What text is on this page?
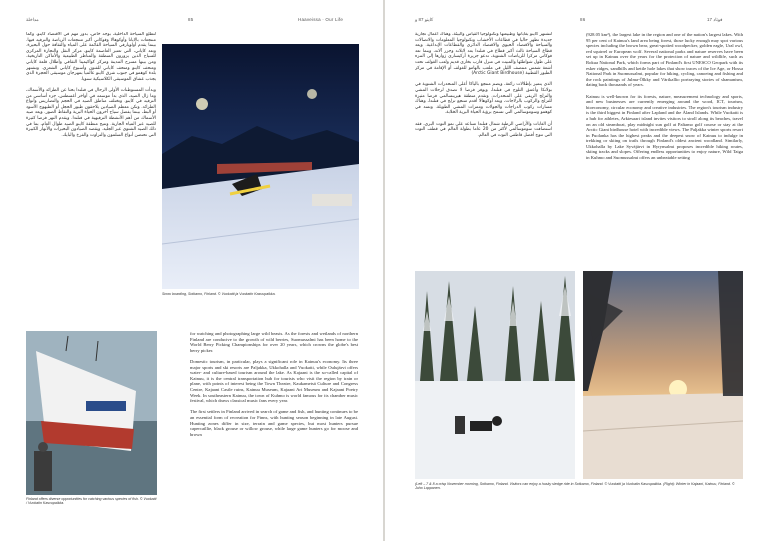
ﻣﺪﺍﺧﻠﺔ	85	Haaveissa · Our Life

ﻟﺘﻄﻠﻊ ﺍﻟﺴﻴﺎﺣﺔ ﺍﻟﺪﺍﺧﻠﻴﺔ، ﺑﻮﺟﻪ ﺧﺎﺹ، ﺑﺪﻭﺭ ﻣﻬﻢ ﻓﻲ ﺍﻻﻗﺘﺼﺎﺩ ﻛﺎﻳﻨﻮ. ﻭﻛﻤﺎ ﻣﻨﺘﺠﻌﺎﺕ ﺑﺎﻻﻳﺎﺗﺎ ﻭﺃﻭﻛﻮﻫﺎﻻ ﻭﻓﻮﻛﺎﺗﻲ ﺃﻛﺒﺮ ﻣﻨﺘﺠﻌﺎﺕ ﺍﻟﺮﻳﺎﺿﺔ ﻭﺍﻟﺘﺮﻓﻴﻪ ﻓﻴﻬﺎ. ﺑﻴﻨﻤﺎ ﻳﻘﺪﻡ ﺃﻭﻟﻮﻳﺎﺭﻓﻲ ﺍﻟﺴﻴﺎﺣﺔ ﺍﻟﻘﺎﺋﻤﺔ ﻋﻠﻰ ﺍﻟﻤﻴﺎﻩ ﻭﺍﻟﺜﻘﺎﻓﺔ ﺣﻮﻝ ﺍﻟﺒﺤﻴﺮﺓ. ﻭﺗﻌﺪ ﻛﺎﻳﺎﻧﻲ، ﺍﻟﺘﻲ ﺗﻌﺘﺒﺮ ﺍﻟﻌﺎﺻﻤﺔ ﻛﺎﻳﻨﻮ، ﻣﺮﻛﺰ ﺍﻟﻨﻘﻞ ﻭﺍﻟﺘﺠﺎﺭﺓ ﺍﻟﻤﺮﻛﺰﻱ ﻟﻠﺴﻴﺎﺡ ﺍﻟﺬﻳﻦ ﻳﺰﻭﺭﻭﻥ ﺍﻟﻤﻨﻄﻘﺔ ﻭﺍﻟﻤﻨﺎﻇﺮ ﺍﻟﻄﺒﻴﻌﻴﺔ ﻭﺍﻷﻣﺎﻛﻦ ﺍﻟﺘﺎﺭﻳﺨﻴﺔ. ﻭﻣﻦ ﺑﻴﻨﻬﺎ ﻣﺴﺮﺡ ﺍﻟﻤﺪﻳﻨﺔ ﻭﻣﺮﻛﺰ ﻛﻮﺍﻛﻴﻤﻴﺘﺎ ﺍﻟﺜﻘﺎﻓﻲ ﻭﺃﻃﻼﻝ ﻗﻠﻌﺔ ﻛﺎﻳﺎﻧﻲ ﻭﻣﺘﺤﻒ ﻛﺎﻳﻨﻮ ﻭﻣﺘﺤﻒ ﻛﺎﻳﺎﻧﻲ ﻟﻠﻔﻨﻮﻥ ﻭﺃﺳﺒﻮﻉ ﻛﺎﻳﺎﻧﻲ ﺍﻟﺸﻌﺮﻱ. ﻭﺗﺸﺘﻬﺮ ﺑﻠﺪﺓ ﻛﻮﻫﻤﻮ ﻓﻲ ﺟﻨﻮﺏ ﺷﺮﻕ ﻛﺎﻳﻨﻮ ﻋﺎﻟﻤﻴﺎ ﺑﻤﻬﺮﺟﺎﻥ ﻣﻮﺳﻴﻘﻰ ﺍﻟﺤﺠﺮﺓ ﺍﻟﺬﻱ ﻳﺠﺬﺏ ﻋﺸﺎﻕ ﺍﻟﻤﻮﺳﻴﻘﻰ ﺍﻟﻜﻼﺳﻴﻜﻴﺔ ﺳﻨﻮﻳﺎ.

ﻭﺑﺪﺃﺕ ﺍﻟﻤﺴﺘﻮﻃﻨﺎﺕ ﺍﻷﻭﻟﻰ ﺍﻟﺮﺣﺎﻝ ﻓﻲ ﻓﻨﻠﻨﺪﺍ ﺑﺤﺜﺎ ﻋﻦ ﺍﻟﻄﺮﺍﺋﺪ ﻭﺍﻷﺳﻤﺎﻙ، ﻭﻣﺎ ﺯﺍﻝ ﺍﻟﺼﻴﺪ، ﺍﻟﺬﻱ ﺑﺪﺃ ﻣﻮﺳﻤﻪ ﻓﻲ ﺃﻭﺍﺧﺮ ﺃﻏﺴﻄﺲ، ﺟﺰﺀ ﺃﺳﺎﺳﻲ ﻣﻦ ﺍﻟﺘﺮﻓﻴﻪ ﻓﻲ ﻛﺎﻳﻨﻮ. ﻭﺗﺨﺘﻠﻒ ﻣﻨﺎﻃﻖ ﺍﻟﺼﻴﺪ ﻓﻲ ﺍﻟﺤﺠﻢ ﻭﺍﻟﺘﻀﺎﺭﻳﺲ ﻭﺃﻧﻮﺍﻉ ﺍﻟﻄﺮﺍﺋﺪ. ﻭﺗﻜﻦ ﻣﻌﻈﻢ ﺍﻟﺼﻴﺎﺩﻳﻦ ﻳﻼﺣﻘﻮﻥ ﻃﻴﻮﺭ ﺍﻟﺤﺠﻞ ﺃﻭ ﺍﻟﻄﻴﻬﻮﺝ ﺍﻷﺳﻮﺩ ﺃﻭ ﺍﻟﺒﻂ، ﺑﻴﻨﻤﺎ ﻳﻔﻀﻞ ﺳﻴﺎﺡ ﺁﺧﺮﻭﻥ ﺍﻟﺤﻴﺎﺓ ﺍﻟﺒﺮﻳﺔ ﻭﺍﻟﺘﻘﺎﻁ ﺍﻟﺼﻮﺭ. ﻭﻳﻌﺪ ﺻﻴﺪ ﺍﻷﺳﻤﺎﻙ ﻣﻦ ﺃﻫﻢ ﺍﻷﻧﺸﻄﺔ ﺍﻟﺘﺮﻓﻴﻬﻴﺔ ﻓﻲ ﻓﻨﻠﻨﺪﺍ. ﻭﻳﻘﺪﻡ ﺍﻟﻨﻬﺮ ﻓﺮﺻﺎ ﻛﺜﻴﺮﺓ ﻟﻠﺼﻴﺪ ﻋﺒﺮ ﺍﻟﻤﻴﺎﻩ ﺍﻟﺠﺎﺭﻳﺔ. ﻭﺗﺘﻴﺢ ﻣﻨﻄﻘﺔ ﻛﺎﻳﻨﻮ ﺍﻟﺼﻴﺪ ﻃﻮﺍﻝ ﺍﻟﻌﺎﻡ، ﺑﻤﺎ ﻓﻲ ﺫﻟﻚ ﺍﻟﺼﻴﺪ ﺍﻟﺸﺘﻮﻱ ﻋﺒﺮ ﺍﻟﺠﻠﻴﺪ. ﻭﻳﻘﺼﺪ ﺍﻟﺼﻴﺎﺩﻭﻥ ﺍﻟﺒﺤﻴﺮﺍﺕ ﻭﺍﻷﻧﻬﺎﺭ ﺍﻟﻜﺒﻴﺮﺓ ﺍﻟﺘﻲ ﺗﺤﺘﻀﻦ ﺃﻧﻮﺍﻉ ﺍﻟﺴﻠﻤﻮﻥ ﻭﺍﻟﺘﺮﺍﻭﺕ ﻭﺍﻟﻔﺮﺥ ﻭﺍﻟﺒﺎﻳﻚ.

Snow boarding, Sotkamo, Finland. © Vuokatti ja Vuokatin Kasvupaikka.

Finland offers diverse opportunities for catching various species of fish. © Vuokatti / Vuokatin Kasvupaikka.

for watching and photographing large wild beasts. As the forests and wetlands of northern Finland are conducive to the growth of wild berries, Suomussalmi has been home to the World Berry Picking Championships for over 20 years, which crowns the globe's best berry picker.

Domestic tourism, in particular, plays a significant role in Kainuu's economy. Its three major sports and ski resorts are Paljakka, Ukkohalla and Vuokatti, while Oulujärvi offers water- and culture-based tourism around the lake. As Kajaani is the so-called capital of Kainuu, it is the central transportation hub for tourists who visit the region by train or plane, with points of interest being the Town Theatre, Kaukametsä Culture and Congress Centre, Kajaani Castle ruins, Kainuu Museum, Kajaani Art Museum and Kajaani Poetry Week. In southeastern Kainuu, the town of Kuhmo is world famous for its chamber music festival, which draws classical music fans every year.

The first settlers in Finland arrived in search of game and fish, and hunting continues to be an essential form of recreation for Finns, with hunting season beginning in late August. Hunting zones differ in size, terrain and game species, but most hunters pursue capercaillie, black grouse or willow grouse, while large game hunters go for moose and brown

ﻛﺎﻳﻨﻮ 87 ﻭ	86	ﻓﻮﺗﺎﺩ 17

ﻟﺘﺸﺘﻬﺮ ﻛﺎﻳﻨﻮ ﺑﻐﺎﺑﺎﺗﻬﺎ ﻭﻃﺒﻴﻌﺘﻬﺎ ﻭﺗﻜﻨﻮﻟﻮﺟﻴﺎ ﺍﻟﻘﻴﺎﺱ ﻭﺍﻟﺒﻴﺌﺔ، ﻭﻫﻨﺎﻙ ﺃﻋﻤﺎﻝ ﺗﺠﺎﺭﻳﺔ ﺟﺪﻳﺪﺓ ﺗﻈﻬﺮ ﺣﺎﻟﻴﺎ ﻓﻲ ﻗﻄﺎﻋﺎﺕ ﺍﻷﺧﺸﺎﺏ ﻭﺗﻜﻨﻮﻟﻮﺟﻴﺎ ﺍﻟﻤﻌﻠﻮﻣﺎﺕ ﻭﺍﻻﺗﺼﺎﻻﺕ ﻭﺍﻟﺴﻴﺎﺣﺔ ﻭﺍﻻﻗﺘﺼﺎﺩ ﺍﻟﺤﻴﻮﻱ ﻭﺍﻻﻗﺘﺼﺎﺩ ﺍﻟﺪﺍﺋﺮﻱ ﻭﺍﻟﻘﻄﺎﻋﺎﺕ ﺍﻹﺑﺪﺍﻋﻴﺔ. ﻭﻳﻌﺪ ﻗﻄﺎﻉ ﺍﻟﺴﻴﺎﺣﺔ ﺛﺎﻟﺚ ﺃﻛﺒﺮ ﻗﻄﺎﻉ ﻓﻲ ﻓﻨﻠﻨﺪﺍ ﺑﻌﺪ ﻻﺑﻼﻧﺪ ﻭﺟﺰﺭ ﺁﻻﻧﺪ، ﻭﺑﻨﻤﺎ ﺗﻌﺪ ﻓﻮﻛﺎﺗﻲ ﻣﺮﻛﺰﺍ ﻟﻠﺮﻳﺎﺿﺎﺕ ﺍﻟﺸﺘﻮﻳﺔ، ﺗﺪﻋﻮ ﺟﺰﻳﺮﺓ ﺃﺭﻛﻴﺴﺎﺭﻱ ﺯﻭﺍﺭﻫﺎ ﺇﻟﻰ ﺍﻟﺘﻨﺰﻩ ﻋﻠﻰ ﻃﻮﻝ ﺷﻮﺍﻃﺌﻬﺎ ﻭﺍﻟﻤﺒﻴﺖ ﻓﻲ ﻣﻨﺰﻝ ﻗﺎﺭﺏ ﺑﺨﺎﺭﻱ ﻗﺪﻳﻢ ﻭﻟﻌﺐ ﺍﻟﻐﻮﻟﻒ ﺗﺤﺖ ﺃﺷﻌﺔ ﺷﻤﺲ ﻣﻨﺘﺼﻒ ﺍﻟﻠﻴﻞ ﻓﻲ ﻣﻠﻌﺐ ﺑﺎﻟﻬﺎﻣﻮ ﻟﻠﻐﻮﻟﻒ ﺃﻭ ﺍﻹﻗﺎﻣﺔ ﻓﻲ ﻣﺮﻛﺰ ﺍﻟﻄﻴﻮﺭ ﺍﻟﻘﻄﺒﻴﺔ (Arctic Giant Birdhouse)

ﺍﻟﺬﻱ ﻳﺘﻤﻴﺰ ﺑﺈﻃﻼﻻﺕ ﺭﺍﺋﻌﺔ، ﻭﻳﻀﻢ ﻣﻨﺘﺠﻊ ﺑﺎﻟﻴﺎﻛﺎ ﺃﻋﻠﻰ ﺍﻟﻤﻨﺤﺪﺭﺍﺕ ﺍﻟﺸﺘﻮﻳﺔ ﻓﻲ ﺑﻮﻻﻧﻜﺎ ﻭﺃﻋﻤﻖ ﺍﻟﺜﻠﻮﺝ ﻓﻲ ﻓﻨﻠﻨﺪﺍ، ﻭﻳﻮﻓﺮ ﻓﺮﺻﺎ ﻻ ﺗﺼﺪﻕ ﻟﺮﺣﻼﺕ ﺍﻟﻤﺸﻲ ﻭﺍﻟﺘﺰﻟﺞ ﺍﻟﺮﻳﻔﻲ ﻋﻠﻰ ﺍﻟﻤﻨﺤﺪﺭﺍﺕ. ﻭﺗﻘﺪﻡ ﻣﻨﻄﻘﺔ ﻫﻴﺮﻳﻨﺴﺎﻟﻤﻲ ﻓﺮﺻﺎ ﻣﺜﻴﺮﺓ ﻟﻠﺘﺰﻟﺞ ﻭﺍﻟﺮﻛﻮﺏ ﺑﺎﻟﺰﻻﺟﺎﺕ، ﻭﻳﻌﺪ ﺃﻭﻛﻮﻫﺎﻻ ﺃﻗﺪﻡ ﻣﻨﺘﺠﻊ ﺗﺰﻟﺞ ﻓﻲ ﻓﻨﻠﻨﺪﺍ، ﻭﻫﻨﺎﻙ ﻣﺴﺎﺭﺍﺕ ﺭﻛﻮﺏ ﺍﻟﺪﺭﺍﺟﺎﺕ ﻭﺍﻟﺠﻮﻻﺕ ﻭﻣﻤﺮﺍﺕ ﺍﻟﻤﺸﻲ ﺍﻟﻄﻮﻳﻠﺔ. ﻭﺗﻤﺘﺪ ﻓﻲ ﻛﻮﻫﻤﻮ ﻭﺳﻮﻣﻮﺳﺎﻟﻤﻲ ﺍﻟﺘﻲ ﺗﺴﻤﺢ ﺑﺮﺅﻳﺔ ﺍﻟﺤﻴﺎﺓ ﺍﻟﺒﺮﻳﺔ ﺍﻟﺨﻼﺑﺔ.

ﺃﻥ ﺍﻟﻐﺎﺑﺎﺕ ﻭﺍﻷﺭﺍﺿﻲ ﺍﻟﺮﻃﺒﺔ ﺷﻤﺎﻝ ﻓﻨﻠﻨﺪﺍ ﺗﺴﺎﻋﺪ ﻋﻠﻰ ﻧﻤﻮ ﺍﻟﺘﻮﺕ ﺍﻟﺒﺮﻱ، ﻓﻘﺪ ﺍﺳﺘﻀﺎﻓﺖ ﺳﻮﻣﻮﺳﺎﻟﻤﻲ ﻷﻛﺜﺮ ﻣﻦ 20 ﻋﺎﻣﺎ ﺑﻄﻮﻟﺔ ﺍﻟﻌﺎﻟﻢ ﻓﻲ ﻗﻄﻒ ﺍﻟﺘﻮﺕ ﺍﻟﺘﻲ ﺗﺘﻮﺝ ﺃﻓﻀﻞ ﻗﺎﻃﻔﻲ ﺍﻟﺘﻮﺕ ﻓﻲ ﺍﻟﻌﺎﻟﻢ.

(928.05 km²), the largest lake in the region and one of the nation's largest lakes. With 95 per cent of Kainuu's land area being forest, those lucky enough may spot various species including the brown bear, great-spotted woodpecker, golden eagle, Ural owl, red squirrel or European wolf. Several national parks and nature reserves have been set up in Kainuu over the years for the protection of nature and wildlife, such as Rokua National Park, which forms part of Finland's first UNESCO Geopark with its esker ridges, sandhills and kettle hole lakes that show traces of the Ice Age, or Hossa National Park in Suomussalmi, popular for hiking, cycling, canoeing and fishing and the rock paintings of Julma-Ölkky and Värikallio portraying stories of shamanism, dating back thousands of years.

Kainuu is well-known for its forests, nature, measurement technology and sports, and new businesses are currently emerging around the wood, ICT, tourism, bioeconomy, circular economy and creative industries. The region's tourism industry is the third biggest in Finland after Lapland and the Åland Islands. While Vuokatti is a hub for athletes, Arkiesaari island invites visitors to stroll along its beaches, travel on an old steamboat, play midnight sun golf at Paltamo golf course or stay at the Arctic Giant birdhouse hotel with incredible views. The Paljakka winter sports resort in Puolanka has the highest peaks and the deepest snow of Kainuu to indulge in trekking or skiing on trails through Finland's oldest ancient woodland. Similarly, Ukkohalla by Lake Syväjärvi in Hyrynsalmi proposes incredible hiking routes, skiing tracks and slopes. Offering endless opportunities to enjoy nature, Wild Taiga in Kuhmo and Suomussalmi offers an unbeatable setting

(Left – 7 & 8 a crisp November morning, Sotkamo, Finland. Visitors can enjoy a husky sledge ride in Sotkamo, Finland. © Vuokatti ja Vuokatin Kasvupaikka. (Right): Winter in Kajaani, Kainuu, Finland. © Juho Lappanen.
